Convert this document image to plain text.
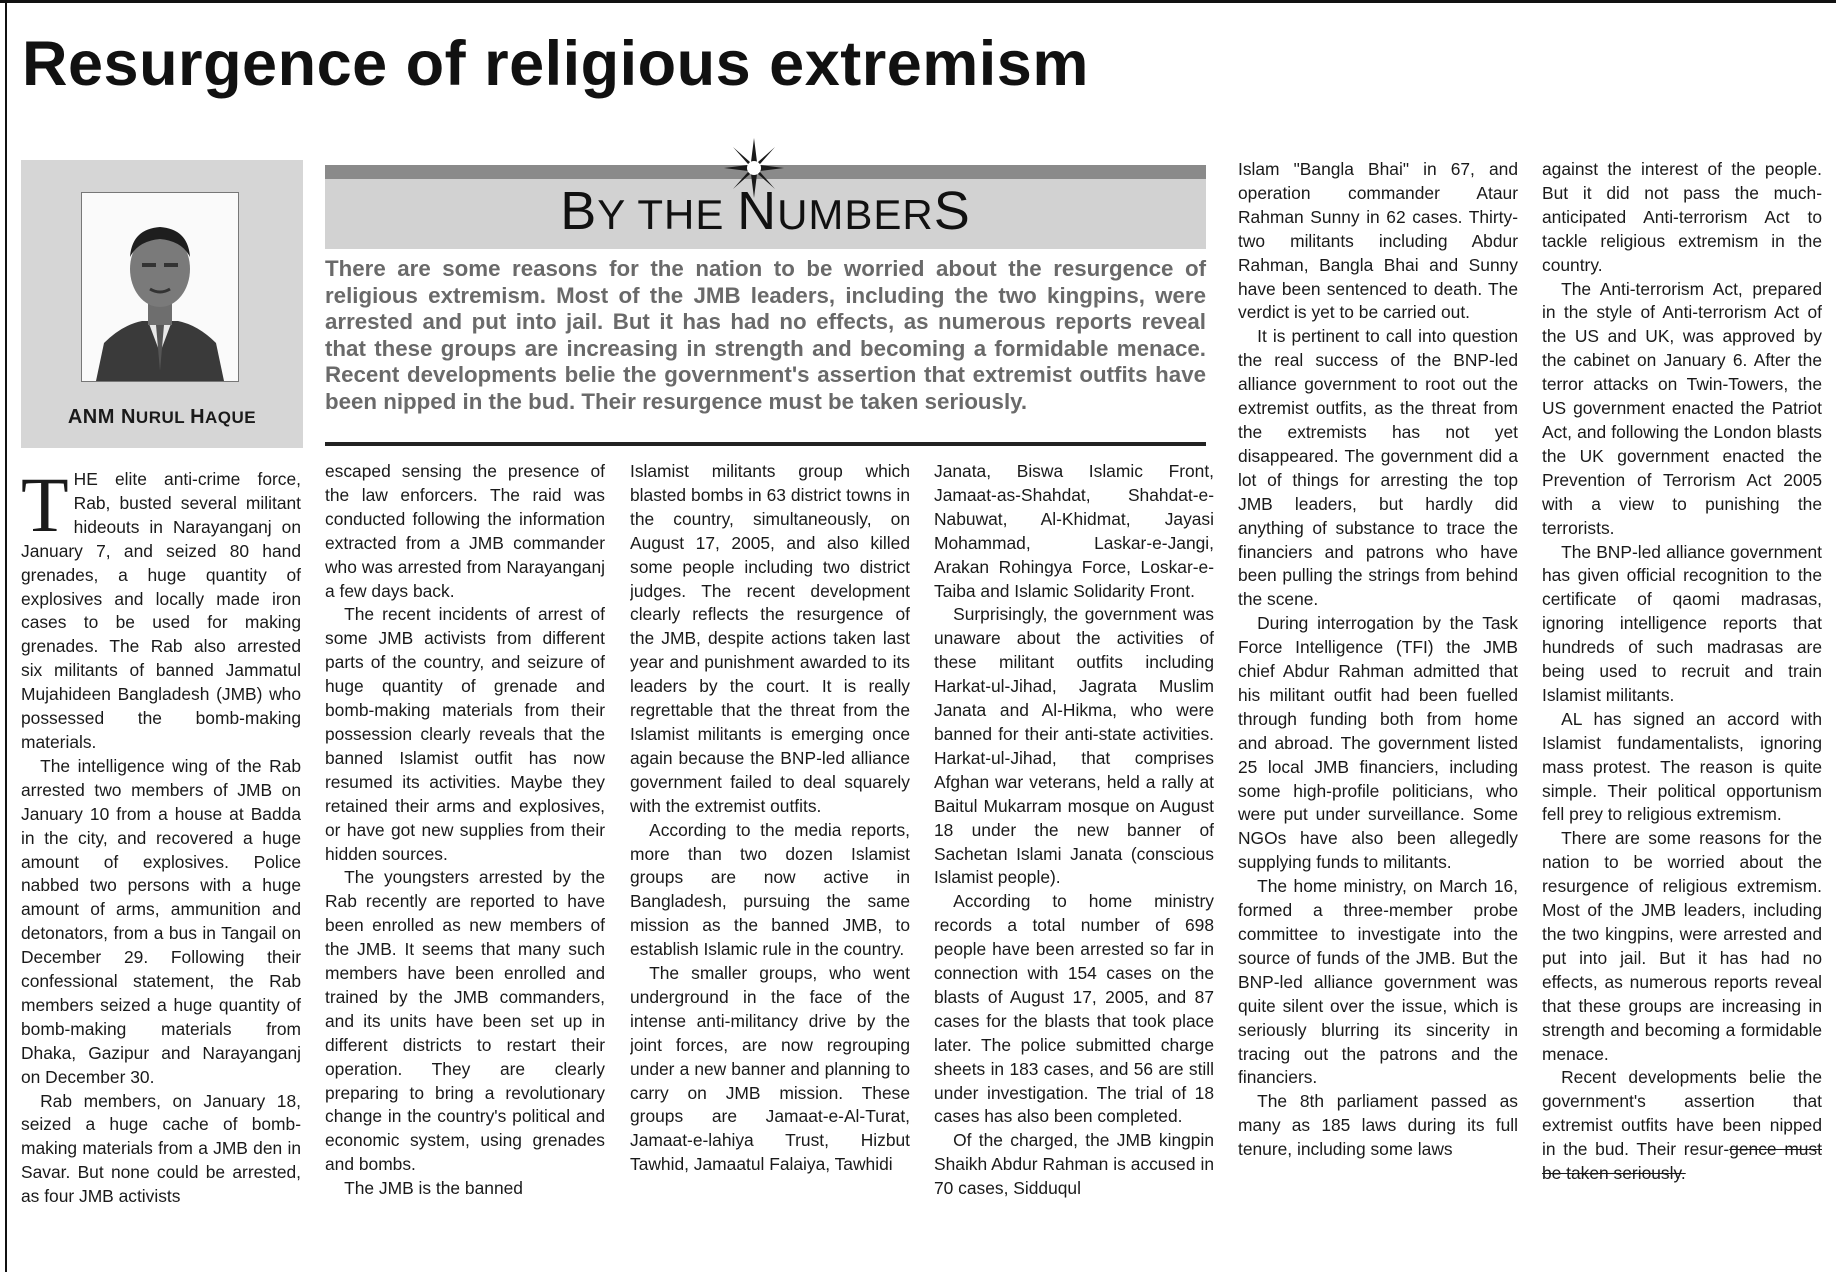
Resurgence of religious extremism
ANM NURUL HAQUE
BY THE NUMBERS
There are some reasons for the nation to be worried about the resurgence of religious extremism. Most of the JMB leaders, including the two kingpins, were arrested and put into jail. But it has had no effects, as numerous reports reveal that these groups are increasing in strength and becoming a formidable menace. Recent developments belie the government's assertion that extremist outfits have been nipped in the bud. Their resurgence must be taken seriously.

THE elite anti-crime force, Rab, busted several militant hideouts in Narayanganj on January 7, and seized 80 hand grenades, a huge quantity of explosives and locally made iron cases to be used for making grenades. The Rab also arrested six militants of banned Jammatul Mujahideen Bangladesh (JMB) who possessed the bomb-making materials.

The intelligence wing of the Rab arrested two members of JMB on January 10 from a house at Badda in the city, and recovered a huge amount of explosives. Police nabbed two persons with a huge amount of arms, ammunition and detonators, from a bus in Tangail on December 29. Following their confessional statement, the Rab members seized a huge quantity of bomb-making materials from Dhaka, Gazipur and Narayanganj on December 30.

Rab members, on January 18, seized a huge cache of bomb-making materials from a JMB den in Savar. But none could be arrested, as four JMB activists

escaped sensing the presence of the law enforcers. The raid was conducted following the information extracted from a JMB commander who was arrested from Narayanganj a few days back.

The recent incidents of arrest of some JMB activists from different parts of the country, and seizure of huge quantity of grenade and bomb-making materials from their possession clearly reveals that the banned Islamist outfit has now resumed its activities. Maybe they retained their arms and explosives, or have got new supplies from their hidden sources.

The youngsters arrested by the Rab recently are reported to have been enrolled as new members of the JMB. It seems that many such members have been enrolled and trained by the JMB commanders, and its units have been set up in different districts to restart their operation. They are clearly preparing to bring a revolutionary change in the country's political and economic system, using grenades and bombs.

The JMB is the banned

Islamist militants group which blasted bombs in 63 district towns in the country, simultaneously, on August 17, 2005, and also killed some people including two district judges. The recent development clearly reflects the resurgence of the JMB, despite actions taken last year and punishment awarded to its leaders by the court. It is really regrettable that the threat from the Islamist militants is emerging once again because the BNP-led alliance government failed to deal squarely with the extremist outfits.

According to the media reports, more than two dozen Islamist groups are now active in Bangladesh, pursuing the same mission as the banned JMB, to establish Islamic rule in the country.

The smaller groups, who went underground in the face of the intense anti-militancy drive by the joint forces, are now regrouping under a new banner and planning to carry on JMB mission. These groups are Jamaat-e-Al-Turat, Jamaat-e-lahiya Trust, Hizbut Tawhid, Jamaatul Falaiya, Tawhidi

Janata, Biswa Islamic Front, Jamaat-as-Shahdat, Shahdat-e-Nabuwat, Al-Khidmat, Jayasi Mohammad, Laskar-e-Jangi, Arakan Rohingya Force, Loskar-e-Taiba and Islamic Solidarity Front.

Surprisingly, the government was unaware about the activities of these militant outfits including Harkat-ul-Jihad, Jagrata Muslim Janata and Al-Hikma, who were banned for their anti-state activities. Harkat-ul-Jihad, that comprises Afghan war veterans, held a rally at Baitul Mukarram mosque on August 18 under the new banner of Sachetan Islami Janata (conscious Islamist people).

According to home ministry records a total number of 698 people have been arrested so far in connection with 154 cases on the blasts of August 17, 2005, and 87 cases for the blasts that took place later. The police submitted charge sheets in 183 cases, and 56 are still under investigation. The trial of 18 cases has also been completed.

Of the charged, the JMB kingpin Shaikh Abdur Rahman is accused in 70 cases, Sidduqul

Islam "Bangla Bhai" in 67, and operation commander Ataur Rahman Sunny in 62 cases. Thirty-two militants including Abdur Rahman, Bangla Bhai and Sunny have been sentenced to death. The verdict is yet to be carried out.

It is pertinent to call into question the real success of the BNP-led alliance government to root out the extremist outfits, as the threat from the extremists has not yet disappeared. The government did a lot of things for arresting the top JMB leaders, but hardly did anything of substance to trace the financiers and patrons who have been pulling the strings from behind the scene.

During interrogation by the Task Force Intelligence (TFI) the JMB chief Abdur Rahman admitted that his militant outfit had been fuelled through funding both from home and abroad. The government listed 25 local JMB financiers, including some high-profile politicians, who were put under surveillance. Some NGOs have also been allegedly supplying funds to militants.

The home ministry, on March 16, formed a three-member probe committee to investigate into the source of funds of the JMB. But the BNP-led alliance government was quite silent over the issue, which is seriously blurring its sincerity in tracing out the patrons and the financiers.

The 8th parliament passed as many as 185 laws during its full tenure, including some laws

against the interest of the people. But it did not pass the much-anticipated Anti-terrorism Act to tackle religious extremism in the country.

The Anti-terrorism Act, prepared in the style of Anti-terrorism Act of the US and UK, was approved by the cabinet on January 6. After the terror attacks on Twin-Towers, the US government enacted the Patriot Act, and following the London blasts the UK government enacted the Prevention of Terrorism Act 2005 with a view to punishing the terrorists.

The BNP-led alliance government has given official recognition to the certificate of qaomi madrasas, ignoring intelligence reports that hundreds of such madrasas are being used to recruit and train Islamist militants.

AL has signed an accord with Islamist fundamentalists, ignoring mass protest. The reason is quite simple. Their political opportunism fell prey to religious extremism.

There are some reasons for the nation to be worried about the resurgence of religious extremism. Most of the JMB leaders, including the two kingpins, were arrested and put into jail. But it has had no effects, as numerous reports reveal that these groups are increasing in strength and becoming a formidable menace.

Recent developments belie the government's assertion that extremist outfits have been nipped in the bud. Their resur-gence must be taken seriously.
